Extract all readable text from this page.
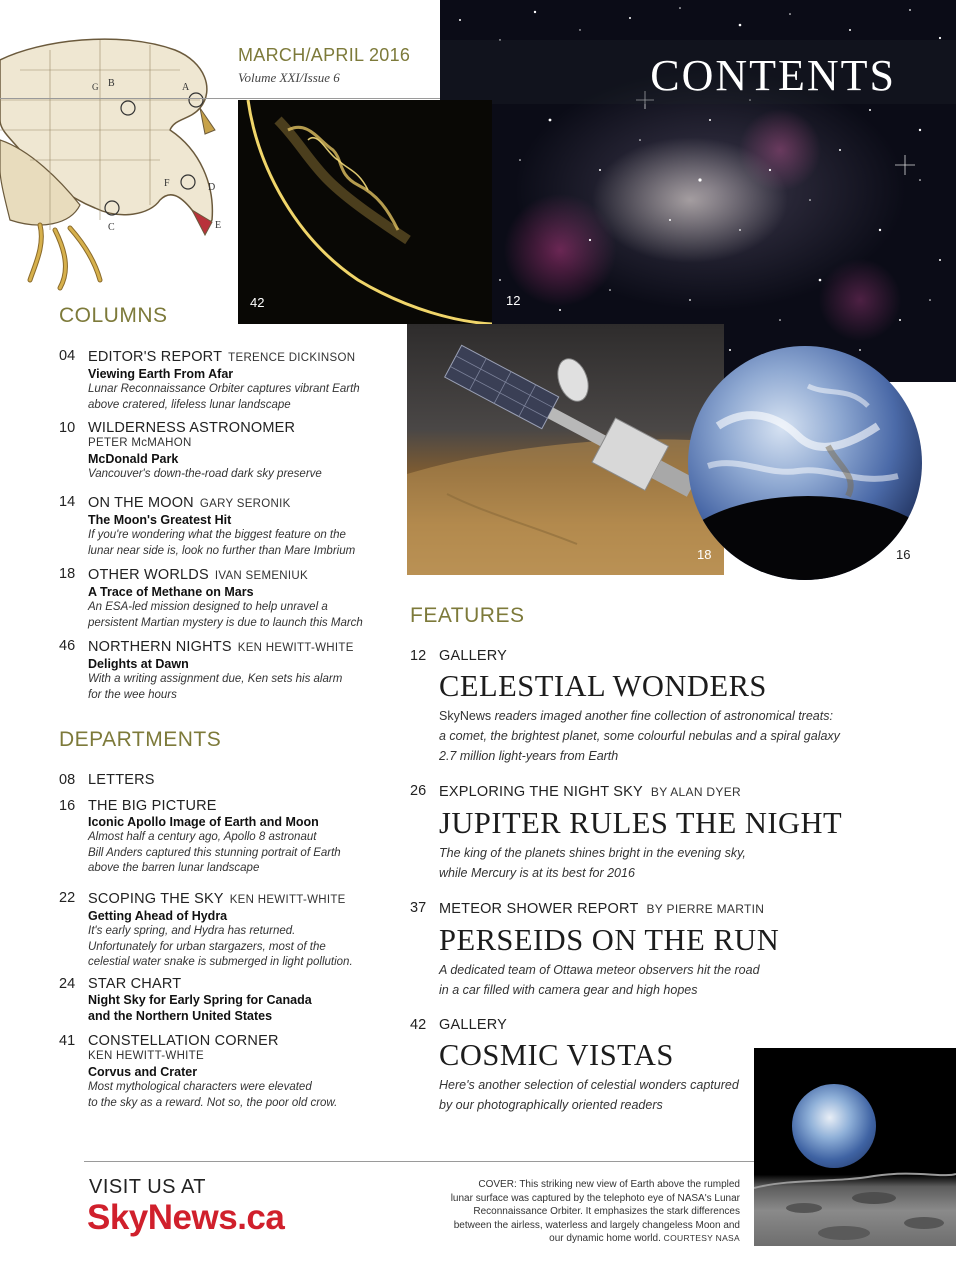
B	A
F	D
E
C
G
MARCH/APRIL 2016
Volume XXI/Issue 6	CONTENTS
12
42
16
COLUMNS
04 EDITOR'S REPORT TERENCE DICKINSON
Viewing Earth From Afar
Lunar Reconnaissance Orbiter captures vibrant Earth
above cratered, lifeless lunar landscape
10 WILDERNESS ASTRONOMER
PETER McMAHON
McDonald Park
Vancouver's down-the-road dark sky preserve
14 ON THE MOON GARY SERONIK
The Moon's Greatest Hit
If you're wondering what the biggest feature on the
lunar near side is, look no further than Mare Imbrium
18 OTHER WORLDS IVAN SEMENIUK
A Trace of Methane on Mars
An ESA-led mission designed to help unravel a
persistent Martian mystery is due to launch this March
46 NORTHERN NIGHTS KEN HEWITT-WHITE
Delights at Dawn
With a writing assignment due, Ken sets his alarm
for the wee hours
DEPARTMENTS
08 LETTERS
16 THE BIG PICTURE
Iconic Apollo Image of Earth and Moon
Almost half a century ago, Apollo 8 astronaut
Bill Anders captured this stunning portrait of Earth
above the barren lunar landscape
22 SCOPING THE SKY KEN HEWITT-WHITE
Getting Ahead of Hydra
It's early spring, and Hydra has returned.
Unfortunately for urban stargazers, most of the
celestial water snake is submerged in light pollution.
24 STAR CHART
Night Sky for Early Spring for Canada
and the Northern United States
41 CONSTELLATION CORNER
KEN HEWITT-WHITE
Corvus and Crater
Most mythological characters were elevated
to the sky as a reward. Not so, the poor old crow.
FEATURES
12 GALLERY
CELESTIAL WONDERS
SkyNews readers imaged another fine collection of astronomical treats:
a comet, the brightest planet, some colourful nebulas and a spiral galaxy
2.7 million light-years from Earth
26 EXPLORING THE NIGHT SKY BY ALAN DYER
JUPITER RULES THE NIGHT
The king of the planets shines bright in the evening sky,
while Mercury is at its best for 2016
37 METEOR SHOWER REPORT BY PIERRE MARTIN
PERSEIDS ON THE RUN
A dedicated team of Ottawa meteor observers hit the road
in a car filled with camera gear and high hopes
42 GALLERY
COSMIC VISTAS
Here's another selection of celestial wonders captured
by our photographically oriented readers
VISIT US AT
SkyNews.ca
COVER: This striking new view of Earth above the rumpled
lunar surface was captured by the telephoto eye of NASA's Lunar
Reconnaissance Orbiter. It emphasizes the stark differences
between the airless, waterless and largely changeless Moon and
our dynamic home world. COURTESY NASA
